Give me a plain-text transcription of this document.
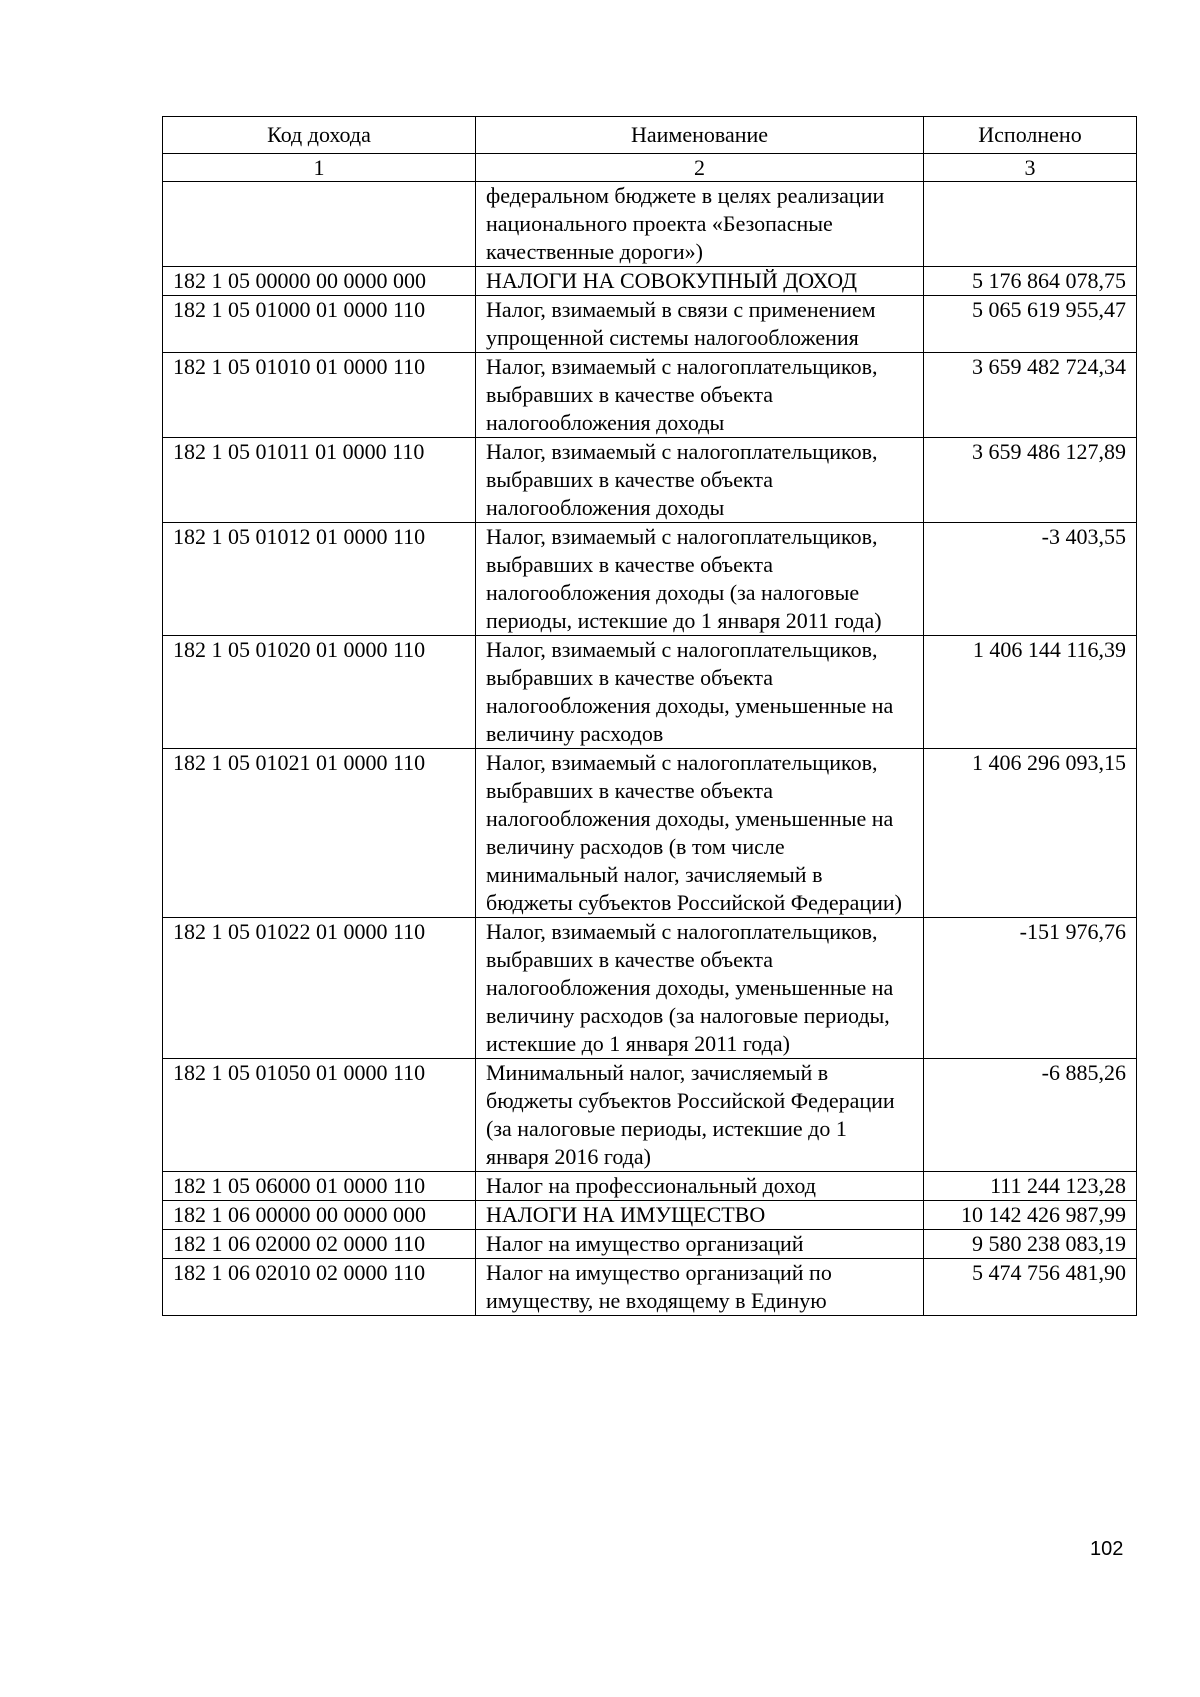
Код дохода	Наименование	Исполнено
1	2	3
	федеральном бюджете в целях реализации национального проекта «Безопасные качественные дороги»)	
182 1 05 00000 00 0000 000	НАЛОГИ НА СОВОКУПНЫЙ ДОХОД	5 176 864 078,75
182 1 05 01000 01 0000 110	Налог, взимаемый в связи с применением упрощенной системы налогообложения	5 065 619 955,47
182 1 05 01010 01 0000 110	Налог, взимаемый с налогоплательщиков, выбравших в качестве объекта налогообложения доходы	3 659 482 724,34
182 1 05 01011 01 0000 110	Налог, взимаемый с налогоплательщиков, выбравших в качестве объекта налогообложения доходы	3 659 486 127,89
182 1 05 01012 01 0000 110	Налог, взимаемый с налогоплательщиков, выбравших в качестве объекта налогообложения доходы (за налоговые периоды, истекшие до 1 января 2011 года)	-3 403,55
182 1 05 01020 01 0000 110	Налог, взимаемый с налогоплательщиков, выбравших в качестве объекта налогообложения доходы, уменьшенные на величину расходов	1 406 144 116,39
182 1 05 01021 01 0000 110	Налог, взимаемый с налогоплательщиков, выбравших в качестве объекта налогообложения доходы, уменьшенные на величину расходов (в том числе минимальный налог, зачисляемый в бюджеты субъектов Российской Федерации)	1 406 296 093,15
182 1 05 01022 01 0000 110	Налог, взимаемый с налогоплательщиков, выбравших в качестве объекта налогообложения доходы, уменьшенные на величину расходов (за налоговые периоды, истекшие до 1 января 2011 года)	-151 976,76
182 1 05 01050 01 0000 110	Минимальный налог, зачисляемый в бюджеты субъектов Российской Федерации (за налоговые периоды, истекшие до 1 января 2016 года)	-6 885,26
182 1 05 06000 01 0000 110	Налог на профессиональный доход	111 244 123,28
182 1 06 00000 00 0000 000	НАЛОГИ НА ИМУЩЕСТВО	10 142 426 987,99
182 1 06 02000 02 0000 110	Налог на имущество организаций	9 580 238 083,19
182 1 06 02010 02 0000 110	Налог на имущество организаций по имуществу, не входящему в Единую	5 474 756 481,90
102
